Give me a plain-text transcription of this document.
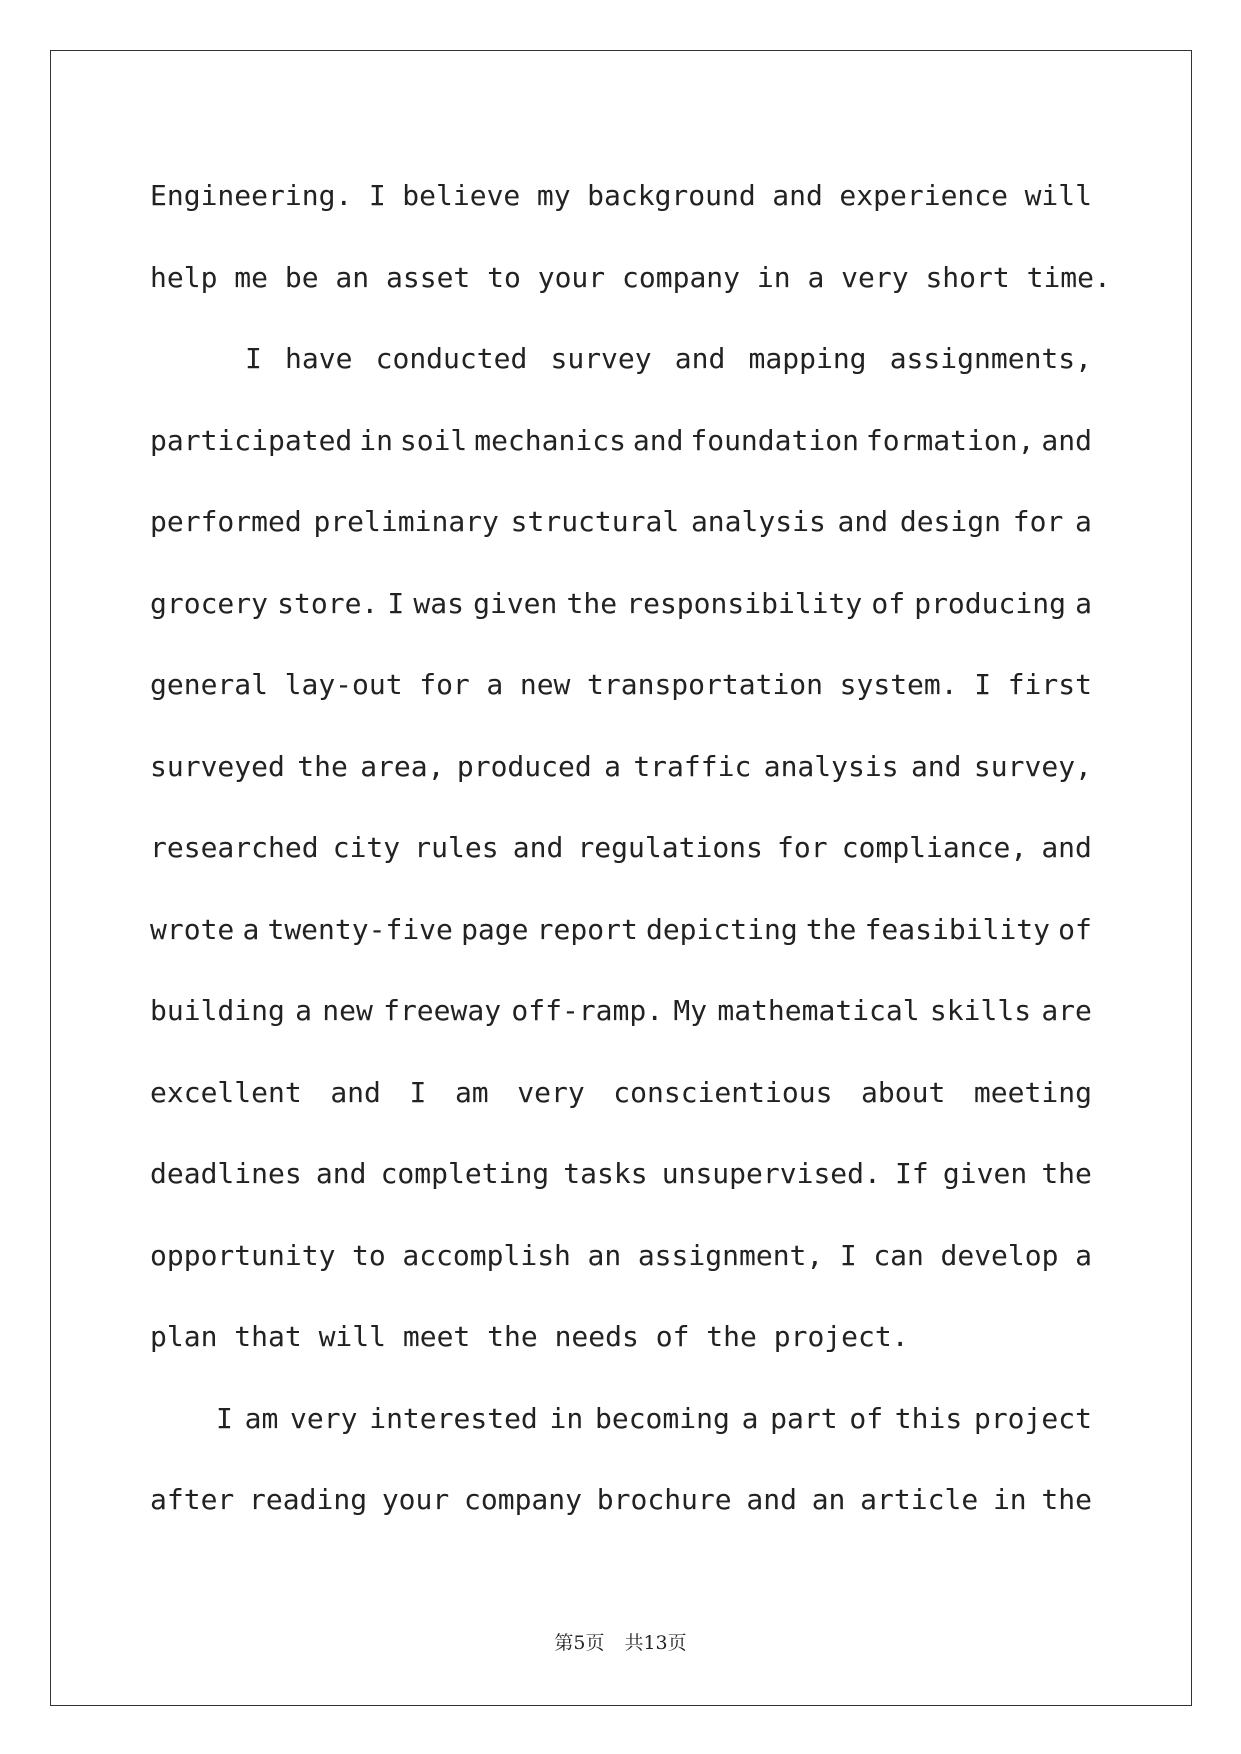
Engineering. I believe my background and experience will
help me be an asset to your company in a very short time.
I have conducted survey and mapping assignments,
participated in soil mechanics and foundation formation, and
performed preliminary structural analysis and design for a
grocery store. I was given the responsibility of producing a
general lay-out for a new transportation system. I first
surveyed the area, produced a traffic analysis and survey,
researched city rules and regulations for compliance, and
wrote a twenty-five page report depicting the feasibility of
building a new freeway off-ramp. My mathematical skills are
excellent and I am very conscientious about meeting
deadlines and completing tasks unsupervised. If given the
opportunity to accomplish an assignment, I can develop a
plan that will meet the needs of the project.
I am very interested in becoming a part of this project
after reading your company brochure and an article in the
第5页 共13页
